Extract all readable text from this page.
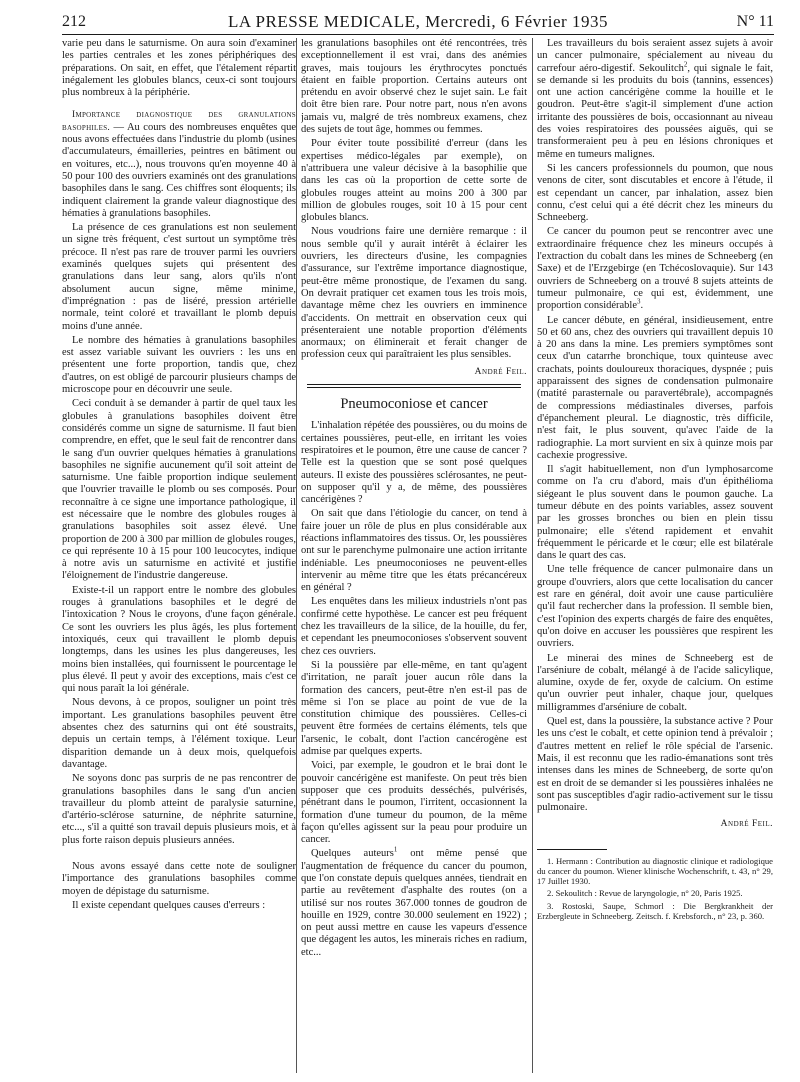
212	LA PRESSE MEDICALE, Mercredi, 6 Février 1935	N° 11

varie peu dans le saturnisme. On aura soin d'examiner les parties centrales et les zones périphériques des préparations. On sait, en effet, que l'étalement répartit inégalement les globules blancs, ceux-ci sont toujours plus nombreux à la périphérie.

Importance diagnostique des granulations basophiles. — Au cours des nombreuses enquêtes que nous avons effectuées dans l'industrie du plomb (usines d'accumulateurs, émailleries, peintres en bâtiment ou en voitures, etc...), nous trouvons qu'en moyenne 40 à 50 pour 100 des ouvriers examinés ont des granulations basophiles dans le sang. Ces chiffres sont éloquents; ils indiquent clairement la grande valeur diagnostique des hématies à granulations basophiles.

La présence de ces granulations est non seulement un signe très fréquent, c'est surtout un symptôme très précoce. Il n'est pas rare de trouver parmi les ouvriers examinés quelques sujets qui présentent des granulations dans leur sang, alors qu'ils n'ont absolument aucun signe, même minime, d'imprégnation : pas de liséré, pression artérielle normale, teint coloré et travaillant le plomb depuis moins d'une année.

Le nombre des hématies à granulations basophiles est assez variable suivant les ouvriers : les uns en présentent une forte proportion, tandis que, chez d'autres, on est obligé de parcourir plusieurs champs de microscope pour en découvrir une seule.

Ceci conduit à se demander à partir de quel taux les globules à granulations basophiles doivent être considérés comme un signe de saturnisme. Il faut bien comprendre, en effet, que le seul fait de rencontrer dans le sang d'un ouvrier quelques hématies à granulations basophiles ne signifie aucunement qu'il soit atteint de saturnisme. Une faible proportion indique seulement que l'ouvrier travaille le plomb ou ses composés. Pour reconnaître à ce signe une importance pathologique, il est nécessaire que le nombre des globules rouges à granulations basophiles soit assez élevé. Une proportion de 200 à 300 par million de globules rouges, ce qui représente 10 à 15 pour 100 leucocytes, indique à notre avis un saturnisme en activité et justifie l'éloignement de l'industrie dangereuse.

Existe-t-il un rapport entre le nombre des globules rouges à granulations basophiles et le degré de l'intoxication ? Nous le croyons, d'une façon générale. Ce sont les ouvriers les plus âgés, les plus fortement intoxiqués, ceux qui travaillent le plomb depuis longtemps, dans les usines les plus dangereuses, les moins bien installées, qui fournissent le pourcentage le plus élevé. Il peut y avoir des exceptions, mais c'est ce qui nous paraît la loi générale.

Nous devons, à ce propos, souligner un point très important. Les granulations basophiles peuvent être absentes chez des saturnins qui ont été soustraits, depuis un certain temps, à l'élément toxique. Leur disparition demande un à deux mois, quelquefois davantage.

Ne soyons donc pas surpris de ne pas rencontrer de granulations basophiles dans le sang d'un ancien travailleur du plomb atteint de paralysie saturnine, d'artério-sclérose saturnine, de néphrite saturnine, etc..., s'il a quitté son travail depuis plusieurs mois, et à plus forte raison depuis plusieurs années.

Nous avons essayé dans cette note de souligner l'importance des granulations basophiles comme moyen de dépistage du saturnisme.

Il existe cependant quelques causes d'erreurs :

les granulations basophiles ont été rencontrées, très exceptionnellement il est vrai, dans des anémies graves, mais toujours les érythrocytes ponctués étaient en faible proportion. Certains auteurs ont prétendu en avoir observé chez le sujet sain. Le fait doit être bien rare. Pour notre part, nous n'en avons jamais vu, malgré de très nombreux examens, chez des sujets de tout âge, hommes ou femmes.

Pour éviter toute possibilité d'erreur (dans les expertises médico-légales par exemple), on n'attribuera une valeur décisive à la basophilie que dans les cas où la proportion de cette sorte de globules rouges atteint au moins 200 à 300 par million de globules rouges, soit 10 à 15 pour cent globules blancs.

Nous voudrions faire une dernière remarque : il nous semble qu'il y aurait intérêt à éclairer les ouvriers, les directeurs d'usine, les compagnies d'assurance, sur l'extrême importance diagnostique, peut-être même pronostique, de l'examen du sang. On devrait pratiquer cet examen tous les trois mois, davantage même chez les ouvriers en imminence d'accidents. On mettrait en observation ceux qui présenteraient une notable proportion d'éléments anormaux; on éliminerait et ferait changer de profession ceux qui paraîtraient les plus sensibles.

André Feil.

Pneumoconiose et cancer

L'inhalation répétée des poussières, ou du moins de certaines poussières, peut-elle, en irritant les voies respiratoires et le poumon, être une cause de cancer ? Telle est la question que se sont posé quelques auteurs. Il existe des poussières sclérosantes, ne peut-on supposer qu'il y a, de même, des poussières cancérigènes ?

On sait que dans l'étiologie du cancer, on tend à faire jouer un rôle de plus en plus considérable aux réactions inflammatoires des tissus. Or, les poussières ont sur le parenchyme pulmonaire une action irritante indéniable. Les pneumoconioses ne peuvent-elles intervenir au même titre que les états précancéreux en général ?

Les enquêtes dans les milieux industriels n'ont pas confirmé cette hypothèse. Le cancer est peu fréquent chez les travailleurs de la silice, de la houille, du fer, et cependant les pneumoconioses s'observent souvent chez ces ouvriers.

Si la poussière par elle-même, en tant qu'agent d'irritation, ne paraît jouer aucun rôle dans la formation des cancers, peut-être n'en est-il pas de même si l'on se place au point de vue de la constitution chimique des poussières. Celles-ci peuvent être formées de certains éléments, tels que l'arsenic, le cobalt, dont l'action cancérogène est admise par quelques experts.

Voici, par exemple, le goudron et le brai dont le pouvoir cancérigène est manifeste. On peut très bien supposer que ces produits desséchés, pulvérisés, pénétrant dans le poumon, l'irritent, occasionnent la formation d'une tumeur du poumon, de la même façon qu'elles agissent sur la peau pour produire un cancer.

Quelques auteurs$^1$ ont même pensé que l'augmentation de fréquence du cancer du poumon, que l'on constate depuis quelques années, tiendrait en partie au revêtement d'asphalte des routes (on a utilisé sur nos routes 367.000 tonnes de goudron de houille en 1929, contre 30.000 seulement en 1922) ; on peut aussi mettre en cause les vapeurs d'essence que dégagent les autos, les minerais riches en radium, etc...

Les travailleurs du bois seraient assez sujets à avoir un cancer pulmonaire, spécialement au niveau du carrefour aéro-digestif. Sekoulitch$^2$, qui signale le fait, se demande si les produits du bois (tannins, essences) ont une action cancérigène comme la houille et le goudron. Peut-être s'agit-il simplement d'une action irritante des poussières de bois, occasionnant au niveau des voies respiratoires des poussées aiguës, qui se transformeraient peu à peu en lésions chroniques et même en tumeurs malignes.

Si les cancers professionnels du poumon, que nous venons de citer, sont discutables et encore à l'étude, il est cependant un cancer, par inhalation, assez bien connu, c'est celui qui a été décrit chez les mineurs du Schneeberg.

Ce cancer du poumon peut se rencontrer avec une extraordinaire fréquence chez les mineurs occupés à l'extraction du cobalt dans les mines de Schneeberg (en Saxe) et de l'Erzgebirge (en Tchécoslovaquie). Sur 143 ouvriers de Schneeberg on a trouvé 8 sujets atteints de tumeur pulmonaire, ce qui est, évidemment, une proportion considérable$^3$.

Le cancer débute, en général, insidieusement, entre 50 et 60 ans, chez des ouvriers qui travaillent depuis 10 à 20 ans dans la mine. Les premiers symptômes sont ceux d'un catarrhe bronchique, toux quinteuse avec crachats, points douloureux thoraciques, dyspnée ; puis apparaissent des signes de condensation pulmonaire (matité parasternale ou paravertébrale), accompagnés de compressions médiastinales diverses, parfois d'épanchement pleural. Le diagnostic, très difficile, n'est fait, le plus souvent, qu'avec l'aide de la radiographie. La mort survient en six à quinze mois par cachexie progressive.

Il s'agit habituellement, non d'un lymphosarcome comme on l'a cru d'abord, mais d'un épithélioma siégeant le plus souvent dans le poumon gauche. La tumeur débute en des points variables, assez souvent par les grosses bronches ou bien en plein tissu pulmonaire; elle s'étend rapidement et envahit fréquemment le péricarde et le cœur; elle est bilatérale dans le quart des cas.

Une telle fréquence de cancer pulmonaire dans un groupe d'ouvriers, alors que cette localisation du cancer est rare en général, doit avoir une cause particulière qu'il faut rechercher dans la profession. Il semble bien, c'est l'opinion des experts chargés de faire des enquêtes, qu'on doive en accuser les poussières que respirent les ouvriers.

Le minerai des mines de Schneeberg est de l'arséniure de cobalt, mélangé à de l'acide salicylique, alumine, oxyde de fer, oxyde de calcium. On estime qu'un ouvrier peut inhaler, chaque jour, quelques milligrammes d'arséniure de cobalt.

Quel est, dans la poussière, la substance active ? Pour les uns c'est le cobalt, et cette opinion tend à prévaloir ; d'autres mettent en relief le rôle spécial de l'arsenic. Mais, il est reconnu que les radio-émanations sont très intenses dans les mines de Schneeberg, de sorte qu'on est en droit de se demander si les poussières inhalées ne sont pas susceptibles d'agir radio-activement sur le tissu pulmonaire.

André Feil.

1. Hermann : Contribution au diagnostic clinique et radiologique du cancer du poumon. Wiener klinische Wochenschrift, t. 43, n° 29, 17 Juillet 1930.

2. Sekoulitch : Revue de laryngologie, n° 20, Paris 1925.

3. Rostoski, Saupe, Schmorl : Die Bergkrankheit der Erzbergleute in Schneeberg. Zeitsch. f. Krebsforch., n° 23, p. 360.
